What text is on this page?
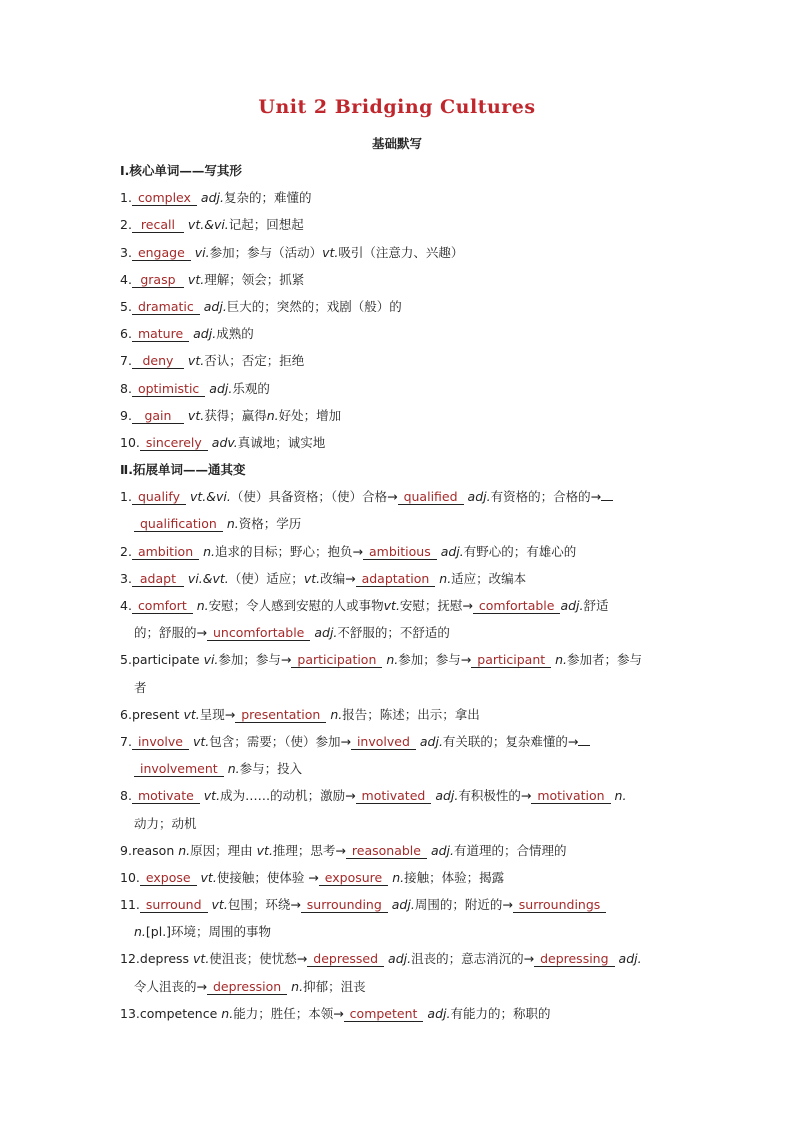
Unit 2 Bridging Cultures
基础默写
Ⅰ.核心单词——写其形
1. complex adj.复杂的；难懂的
2. recall vt.&vi.记起；回想起
3. engage vi.参加；参与（活动）vt.吸引（注意力、兴趣）
4. grasp vt.理解；领会；抓紧
5. dramatic adj.巨大的；突然的；戏剧（般）的
6. mature adj.成熟的
7. deny vt.否认；否定；拒绝
8. optimistic adj.乐观的
9. gain vt.获得；赢得n.好处；增加
10. sincerely adv.真诚地；诚实地
Ⅱ.拓展单词——通其变
1. qualify vt.&vi.（使）具备资格；（使）合格→ qualified adj.有资格的；合格的→
qualification n.资格；学历
2. ambition n.追求的目标；野心；抱负→ ambitious adj.有野心的；有雄心的
3. adapt vi.&vt.（使）适应；vt.改编→ adaptation n.适应；改编本
4. comfort n.安慰；令人感到安慰的人或事物vt.安慰；抚慰→ comfortable adj.舒适
的；舒服的→ uncomfortable adj.不舒服的；不舒适的
5.participate vi.参加；参与→ participation n.参加；参与→ participant n.参加者；参与
者
6.present vt.呈现→ presentation n.报告；陈述；出示；拿出
7. involve vt.包含；需要；（使）参加→ involved adj.有关联的；复杂难懂的→
involvement n.参与；投入
8. motivate vt.成为……的动机；激励→ motivated adj.有积极性的→ motivation n.
动力；动机
9.reason n.原因；理由 vt.推理；思考→ reasonable adj.有道理的；合情理的
10. expose vt.使接触；使体验 → exposure n.接触；体验；揭露
11. surround vt.包围；环绕→ surrounding adj.周围的；附近的→ surroundings
n.[pl.]环境；周围的事物
12.depress vt.使沮丧；使忧愁→ depressed adj.沮丧的；意志消沉的→ depressing adj.
令人沮丧的→ depression n.抑郁；沮丧
13.competence n.能力；胜任；本领→ competent adj.有能力的；称职的
